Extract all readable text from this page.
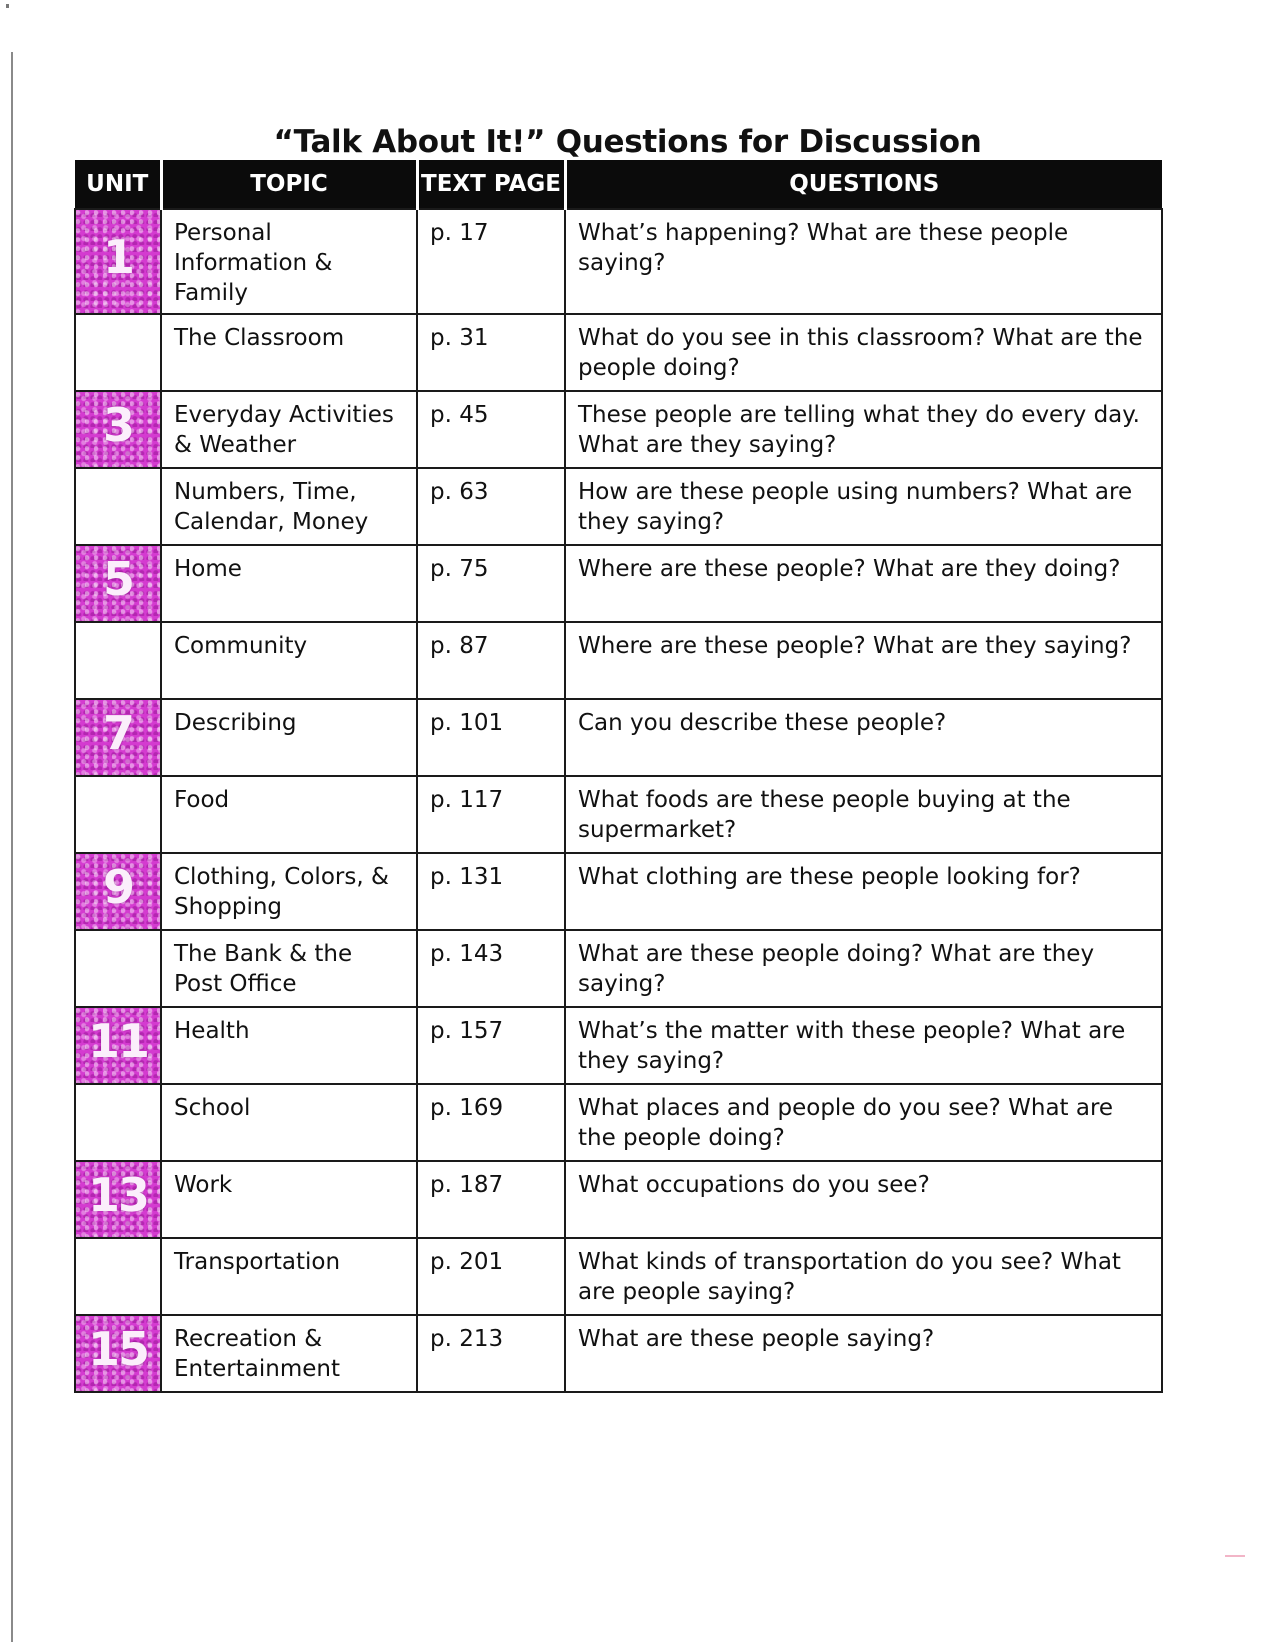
“Talk About It!” Questions for Discussion
UNIT	TOPIC	TEXT PAGE	QUESTIONS
1	Personal Information & Family	p. 17	What’s happening? What are these people saying?
	The Classroom	p. 31	What do you see in this classroom? What are the people doing?
3	Everyday Activities & Weather	p. 45	These people are telling what they do every day. What are they saying?
	Numbers, Time, Calendar, Money	p. 63	How are these people using numbers? What are they saying?
5	Home	p. 75	Where are these people? What are they doing?
	Community	p. 87	Where are these people? What are they saying?
7	Describing	p. 101	Can you describe these people?
	Food	p. 117	What foods are these people buying at the supermarket?
9	Clothing, Colors, & Shopping	p. 131	What clothing are these people looking for?
	The Bank & the Post Office	p. 143	What are these people doing? What are they saying?
11	Health	p. 157	What’s the matter with these people? What are they saying?
	School	p. 169	What places and people do you see? What are the people doing?
13	Work	p. 187	What occupations do you see?
	Transportation	p. 201	What kinds of transportation do you see? What are people saying?
15	Recreation & Entertainment	p. 213	What are these people saying?
